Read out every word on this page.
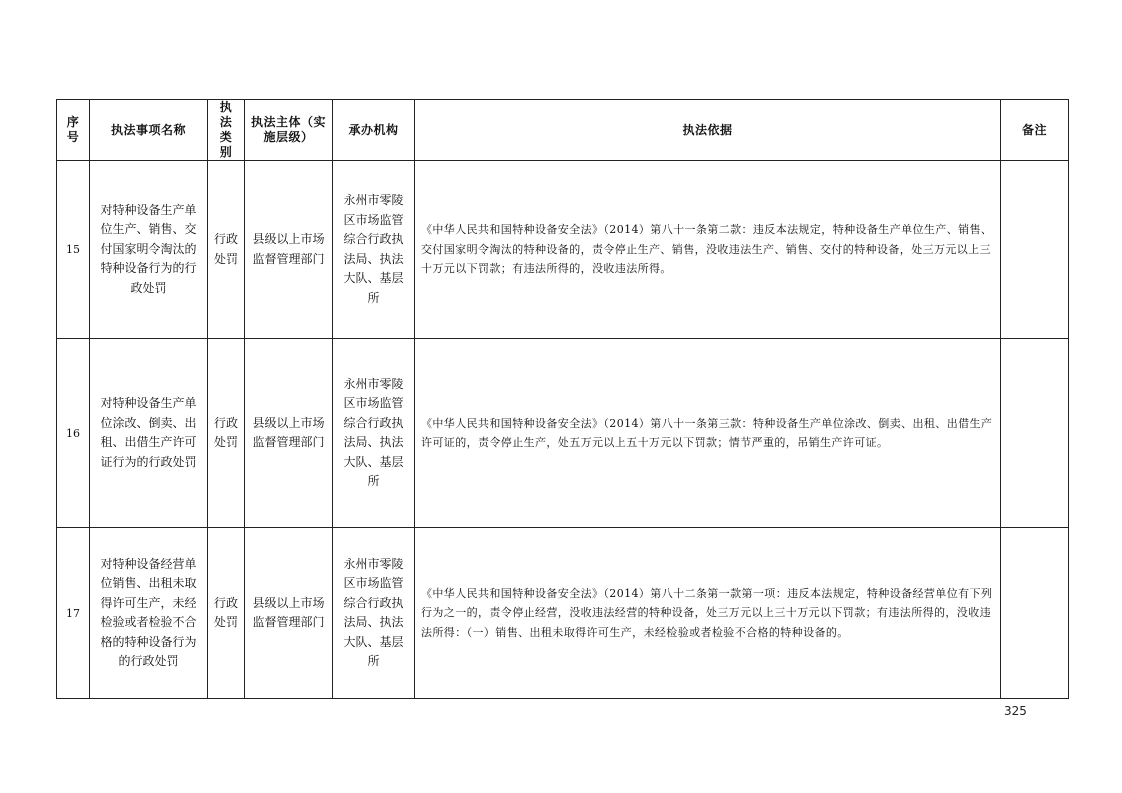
序号	执法事项名称	执法类别	执法主体（实施层级）	承办机构	执法依据	备注
15	对特种设备生产单位生产、销售、交付国家明令淘汰的特种设备行为的行政处罚	行政处罚	县级以上市场监督管理部门	永州市零陵区市场监管综合行政执法局、执法大队、基层所	《中华人民共和国特种设备安全法》（2014）第八十一条第二款：违反本法规定，特种设备生产单位生产、销售、交付国家明令淘汰的特种设备的，责令停止生产、销售，没收违法生产、销售、交付的特种设备，处三万元以上三十万元以下罚款；有违法所得的，没收违法所得。	

16	对特种设备生产单位涂改、倒卖、出租、出借生产许可证行为的行政处罚	行政处罚	县级以上市场监督管理部门	永州市零陵区市场监管综合行政执法局、执法大队、基层所	《中华人民共和国特种设备安全法》（2014）第八十一条第三款：特种设备生产单位涂改、倒卖、出租、出借生产许可证的，责令停止生产，处五万元以上五十万元以下罚款；情节严重的，吊销生产许可证。	

17	对特种设备经营单位销售、出租未取得许可生产，未经检验或者检验不合格的特种设备行为的行政处罚	行政处罚	县级以上市场监督管理部门	永州市零陵区市场监管综合行政执法局、执法大队、基层所	《中华人民共和国特种设备安全法》（2014）第八十二条第一款第一项：违反本法规定，特种设备经营单位有下列行为之一的，责令停止经营，没收违法经营的特种设备，处三万元以上三十万元以下罚款；有违法所得的，没收违法所得：（一）销售、出租未取得许可生产，未经检验或者检验不合格的特种设备的。	

325
